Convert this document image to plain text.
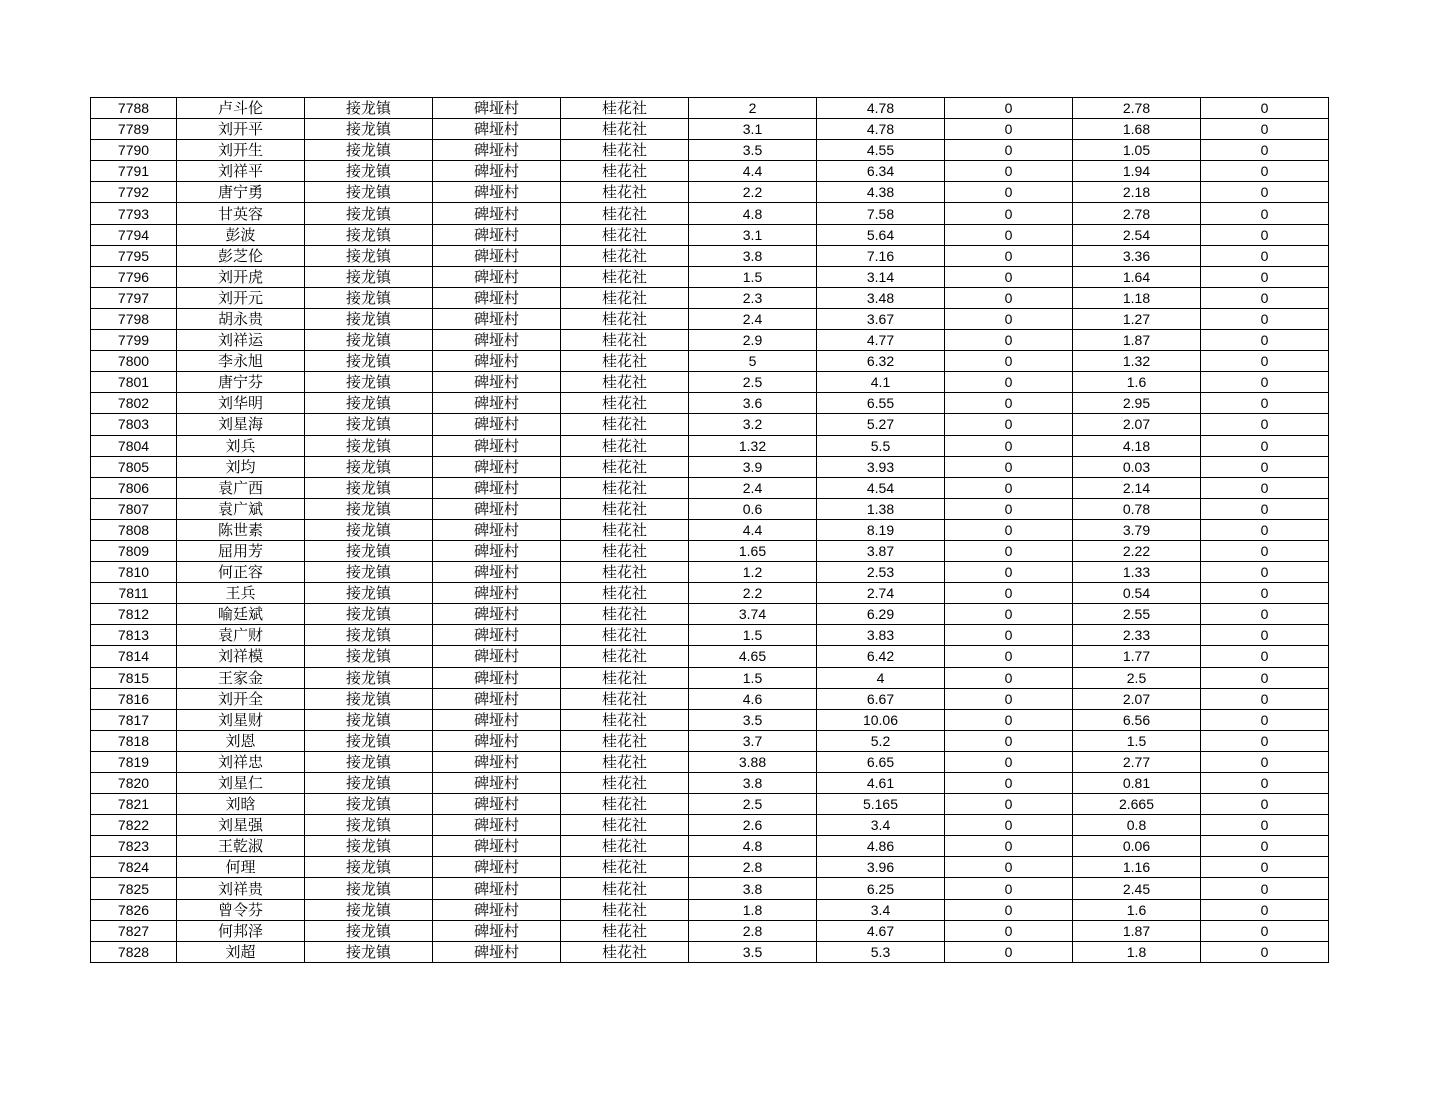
7788	卢斗伦	接龙镇	碑垭村	桂花社	2	4.78	0	2.78	0
7789	刘开平	接龙镇	碑垭村	桂花社	3.1	4.78	0	1.68	0
7790	刘开生	接龙镇	碑垭村	桂花社	3.5	4.55	0	1.05	0
7791	刘祥平	接龙镇	碑垭村	桂花社	4.4	6.34	0	1.94	0
7792	唐宁勇	接龙镇	碑垭村	桂花社	2.2	4.38	0	2.18	0
7793	甘英容	接龙镇	碑垭村	桂花社	4.8	7.58	0	2.78	0
7794	彭波	接龙镇	碑垭村	桂花社	3.1	5.64	0	2.54	0
7795	彭芝伦	接龙镇	碑垭村	桂花社	3.8	7.16	0	3.36	0
7796	刘开虎	接龙镇	碑垭村	桂花社	1.5	3.14	0	1.64	0
7797	刘开元	接龙镇	碑垭村	桂花社	2.3	3.48	0	1.18	0
7798	胡永贵	接龙镇	碑垭村	桂花社	2.4	3.67	0	1.27	0
7799	刘祥运	接龙镇	碑垭村	桂花社	2.9	4.77	0	1.87	0
7800	李永旭	接龙镇	碑垭村	桂花社	5	6.32	0	1.32	0
7801	唐宁芬	接龙镇	碑垭村	桂花社	2.5	4.1	0	1.6	0
7802	刘华明	接龙镇	碑垭村	桂花社	3.6	6.55	0	2.95	0
7803	刘星海	接龙镇	碑垭村	桂花社	3.2	5.27	0	2.07	0
7804	刘兵	接龙镇	碑垭村	桂花社	1.32	5.5	0	4.18	0
7805	刘均	接龙镇	碑垭村	桂花社	3.9	3.93	0	0.03	0
7806	袁广西	接龙镇	碑垭村	桂花社	2.4	4.54	0	2.14	0
7807	袁广斌	接龙镇	碑垭村	桂花社	0.6	1.38	0	0.78	0
7808	陈世素	接龙镇	碑垭村	桂花社	4.4	8.19	0	3.79	0
7809	屈用芳	接龙镇	碑垭村	桂花社	1.65	3.87	0	2.22	0
7810	何正容	接龙镇	碑垭村	桂花社	1.2	2.53	0	1.33	0
7811	王兵	接龙镇	碑垭村	桂花社	2.2	2.74	0	0.54	0
7812	喻廷斌	接龙镇	碑垭村	桂花社	3.74	6.29	0	2.55	0
7813	袁广财	接龙镇	碑垭村	桂花社	1.5	3.83	0	2.33	0
7814	刘祥模	接龙镇	碑垭村	桂花社	4.65	6.42	0	1.77	0
7815	王家金	接龙镇	碑垭村	桂花社	1.5	4	0	2.5	0
7816	刘开全	接龙镇	碑垭村	桂花社	4.6	6.67	0	2.07	0
7817	刘星财	接龙镇	碑垭村	桂花社	3.5	10.06	0	6.56	0
7818	刘恩	接龙镇	碑垭村	桂花社	3.7	5.2	0	1.5	0
7819	刘祥忠	接龙镇	碑垭村	桂花社	3.88	6.65	0	2.77	0
7820	刘星仁	接龙镇	碑垭村	桂花社	3.8	4.61	0	0.81	0
7821	刘晗	接龙镇	碑垭村	桂花社	2.5	5.165	0	2.665	0
7822	刘星强	接龙镇	碑垭村	桂花社	2.6	3.4	0	0.8	0
7823	王乾淑	接龙镇	碑垭村	桂花社	4.8	4.86	0	0.06	0
7824	何理	接龙镇	碑垭村	桂花社	2.8	3.96	0	1.16	0
7825	刘祥贵	接龙镇	碑垭村	桂花社	3.8	6.25	0	2.45	0
7826	曾令芬	接龙镇	碑垭村	桂花社	1.8	3.4	0	1.6	0
7827	何邦泽	接龙镇	碑垭村	桂花社	2.8	4.67	0	1.87	0
7828	刘超	接龙镇	碑垭村	桂花社	3.5	5.3	0	1.8	0
